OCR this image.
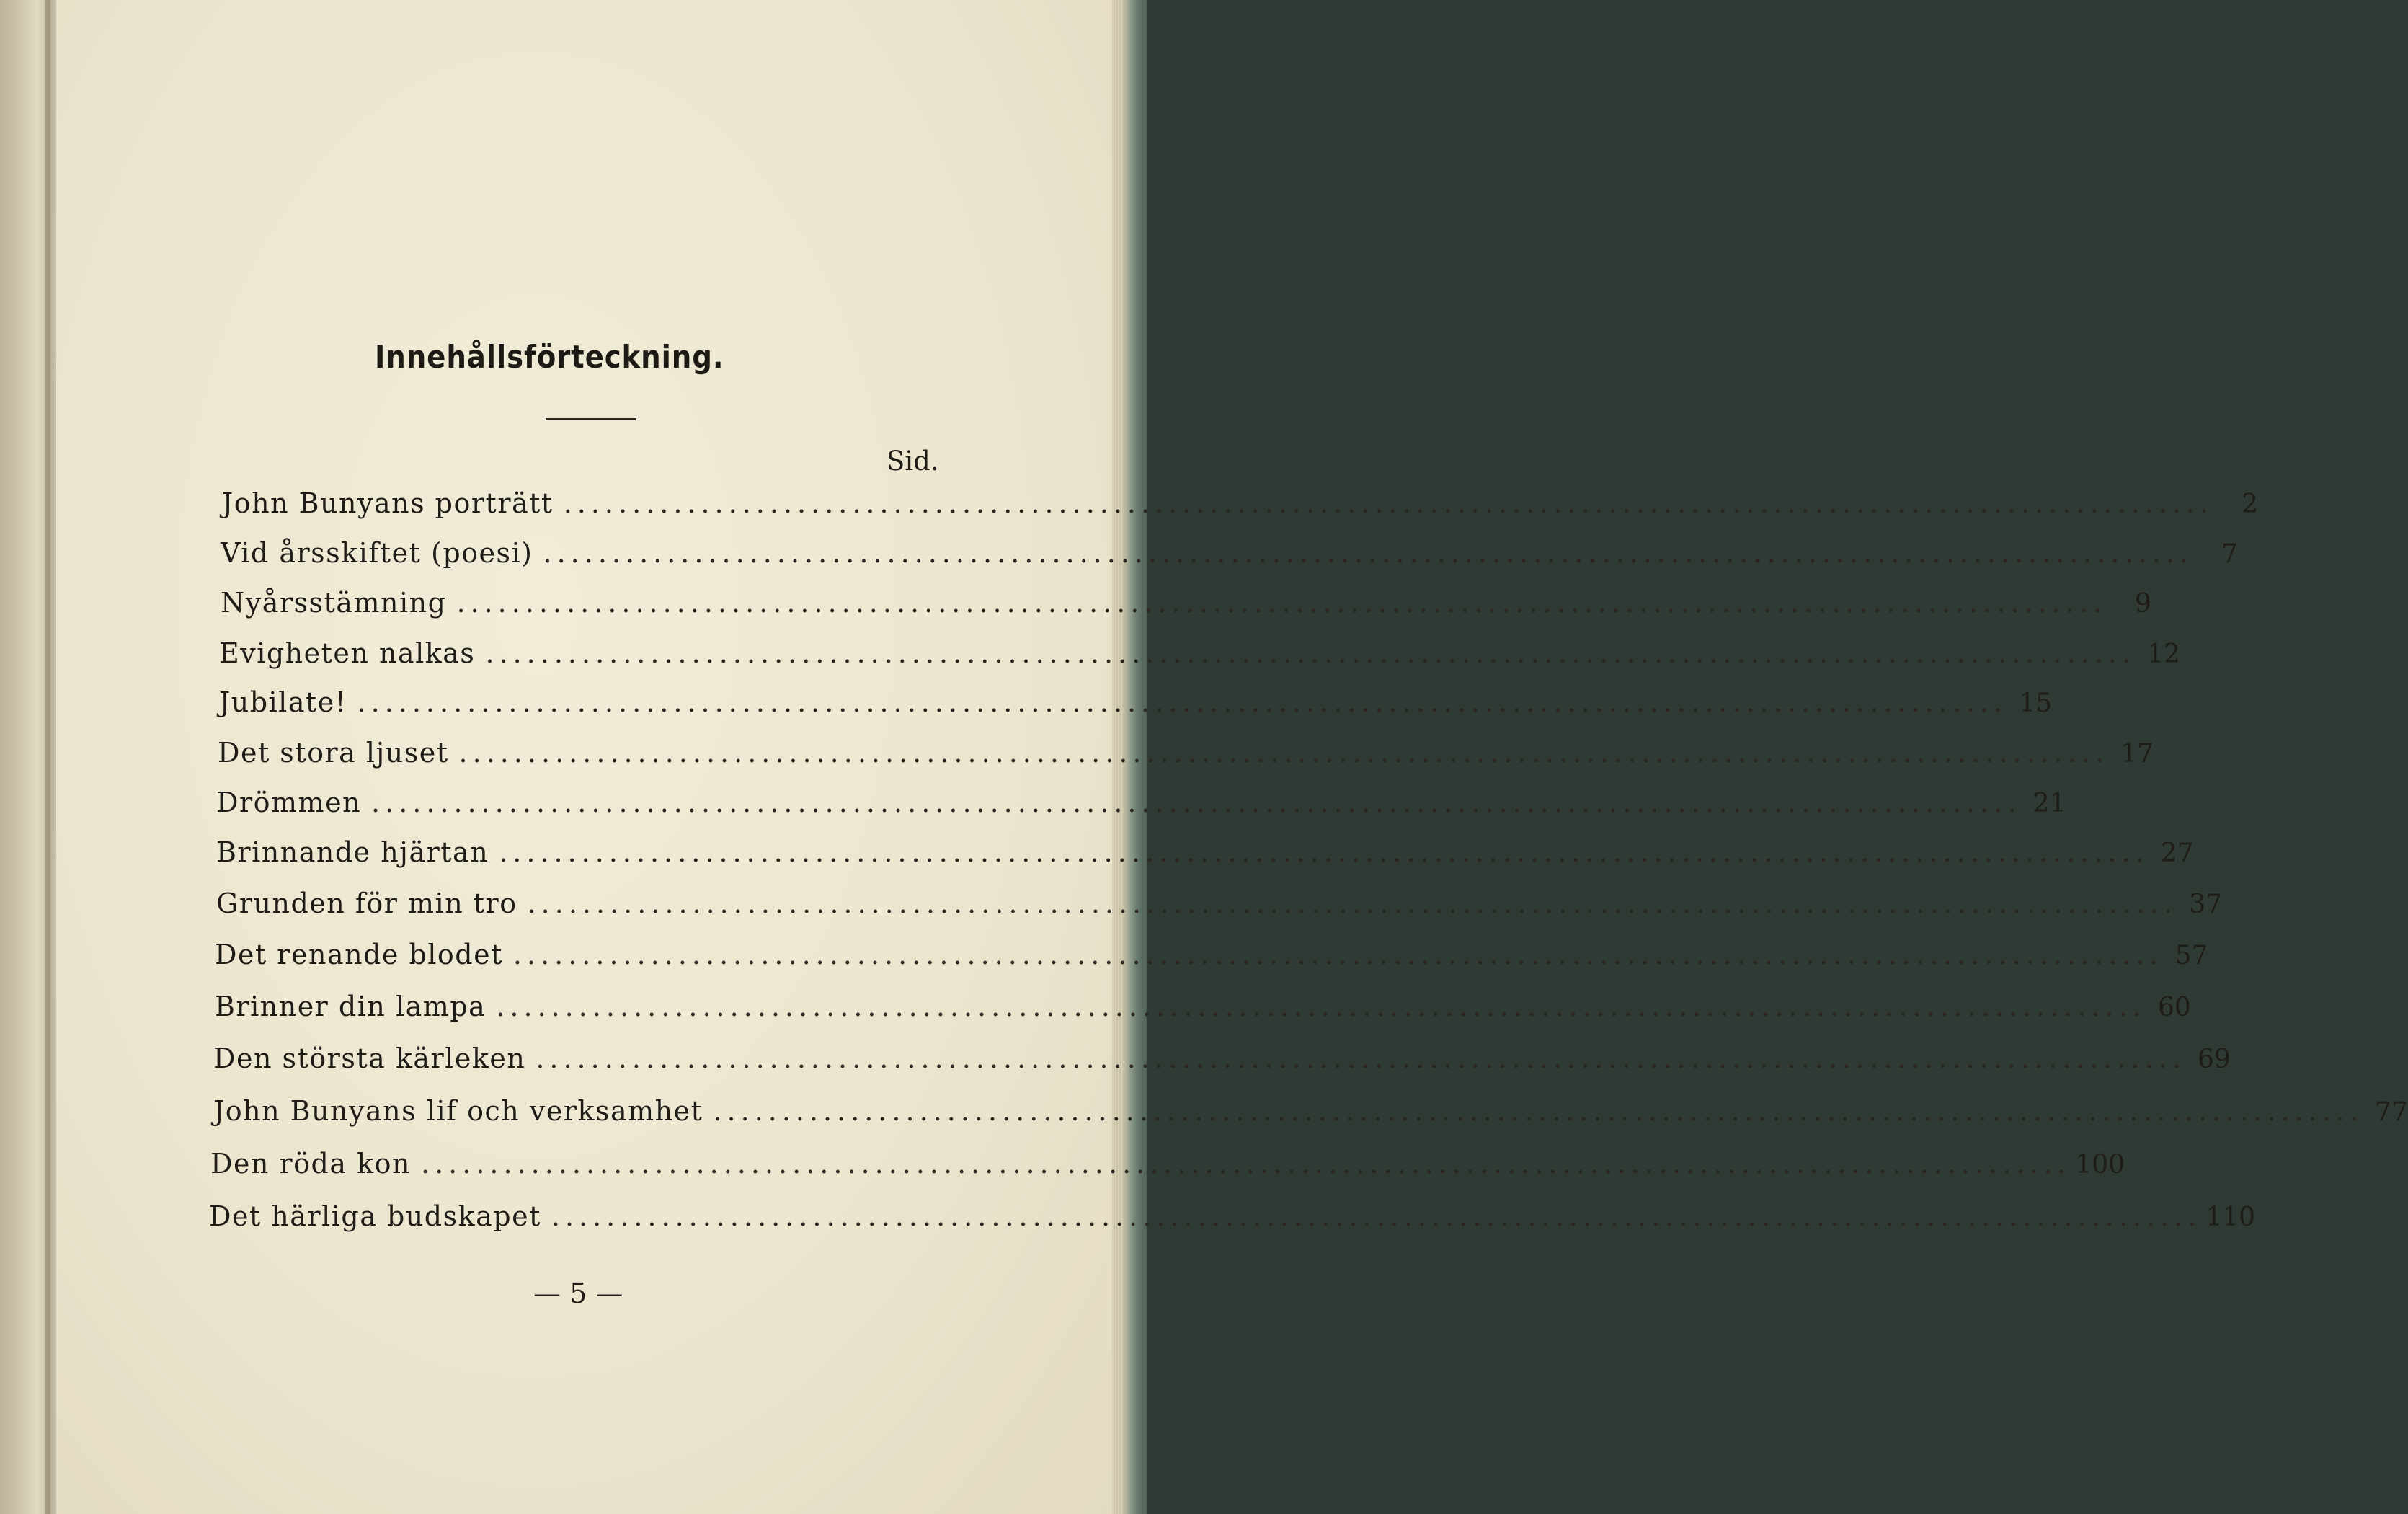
Innehållsförteckning.
Sid.
John Bunyans porträtt ........................................................................................................................	2
Vid årsskiftet (poesi) ........................................................................................................................	7
Nyårsstämning ........................................................................................................................	9
Evigheten nalkas ........................................................................................................................ 12
Jubilate! ........................................................................................................................ 15
Det stora ljuset ........................................................................................................................ 17
Drömmen ........................................................................................................................ 21
Brinnande hjärtan ........................................................................................................................ 27
Grunden för min tro ........................................................................................................................ 37
Det renande blodet ........................................................................................................................ 57
Brinner din lampa ........................................................................................................................ 60
Den största kärleken ........................................................................................................................ 69
John Bunyans lif och verksamhet ........................................................................................................................ 77
Den röda kon ........................................................................................................................ 100
Det härliga budskapet ........................................................................................................................ 110
— 5 —
